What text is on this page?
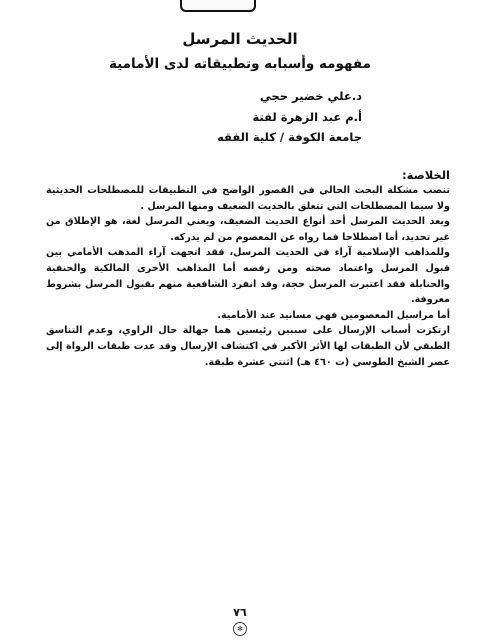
الحديث المرسل
مفهومه وأسبابه وتطبيقاته لدى الأمامية
د.علي خضير حجي
أ.م عبد الزهرة لفتة
جامعة الكوفة / كلية الفقه
الخلاصة:

تنصب مشكلة البحث الحالي في القصور الواضح في التطبيقات للمصطلحات الحديثية ولا سيما المصطلحات التي تتعلق بالحديث الضعيف ومنها المرسل .

ويعد الحديث المرسل أحد أنواع الحديث الضعيف، ويعني المرسل لغة، هو الإطلاق من غير تحديد، أما اصطلاحا فما رواه عن المعصوم من لم يدركه.

وللمذاهب الإسلامية آراء في الحديث المرسل، فقد اتجهت آراء المذهب الأمامي بين قبول المرسل واعتماد صحته ومن رفضه أما المذاهب الأخرى المالكية والحنفية والحنابلة فقد اعتبرت المرسل حجة، وقد انفرد الشافعية منهم بقبول المرسل بشروط معروفة.

أما مراسيل المعصومين فهي مسانيد عند الأمامية.

ارتكزت أسباب الإرسال على سببين رئيسين هما جهالة حال الراوي، وعدم التناسق الطبقي لأن الطبقات لها الأثر الأكبر في اكتشاف الإرسال وقد عدت طبقات الرواة إلى عصر الشيخ الطوسي (ت ٤٦٠ هـ) اثنتي عشرة طبقة.

٧٦
✻
